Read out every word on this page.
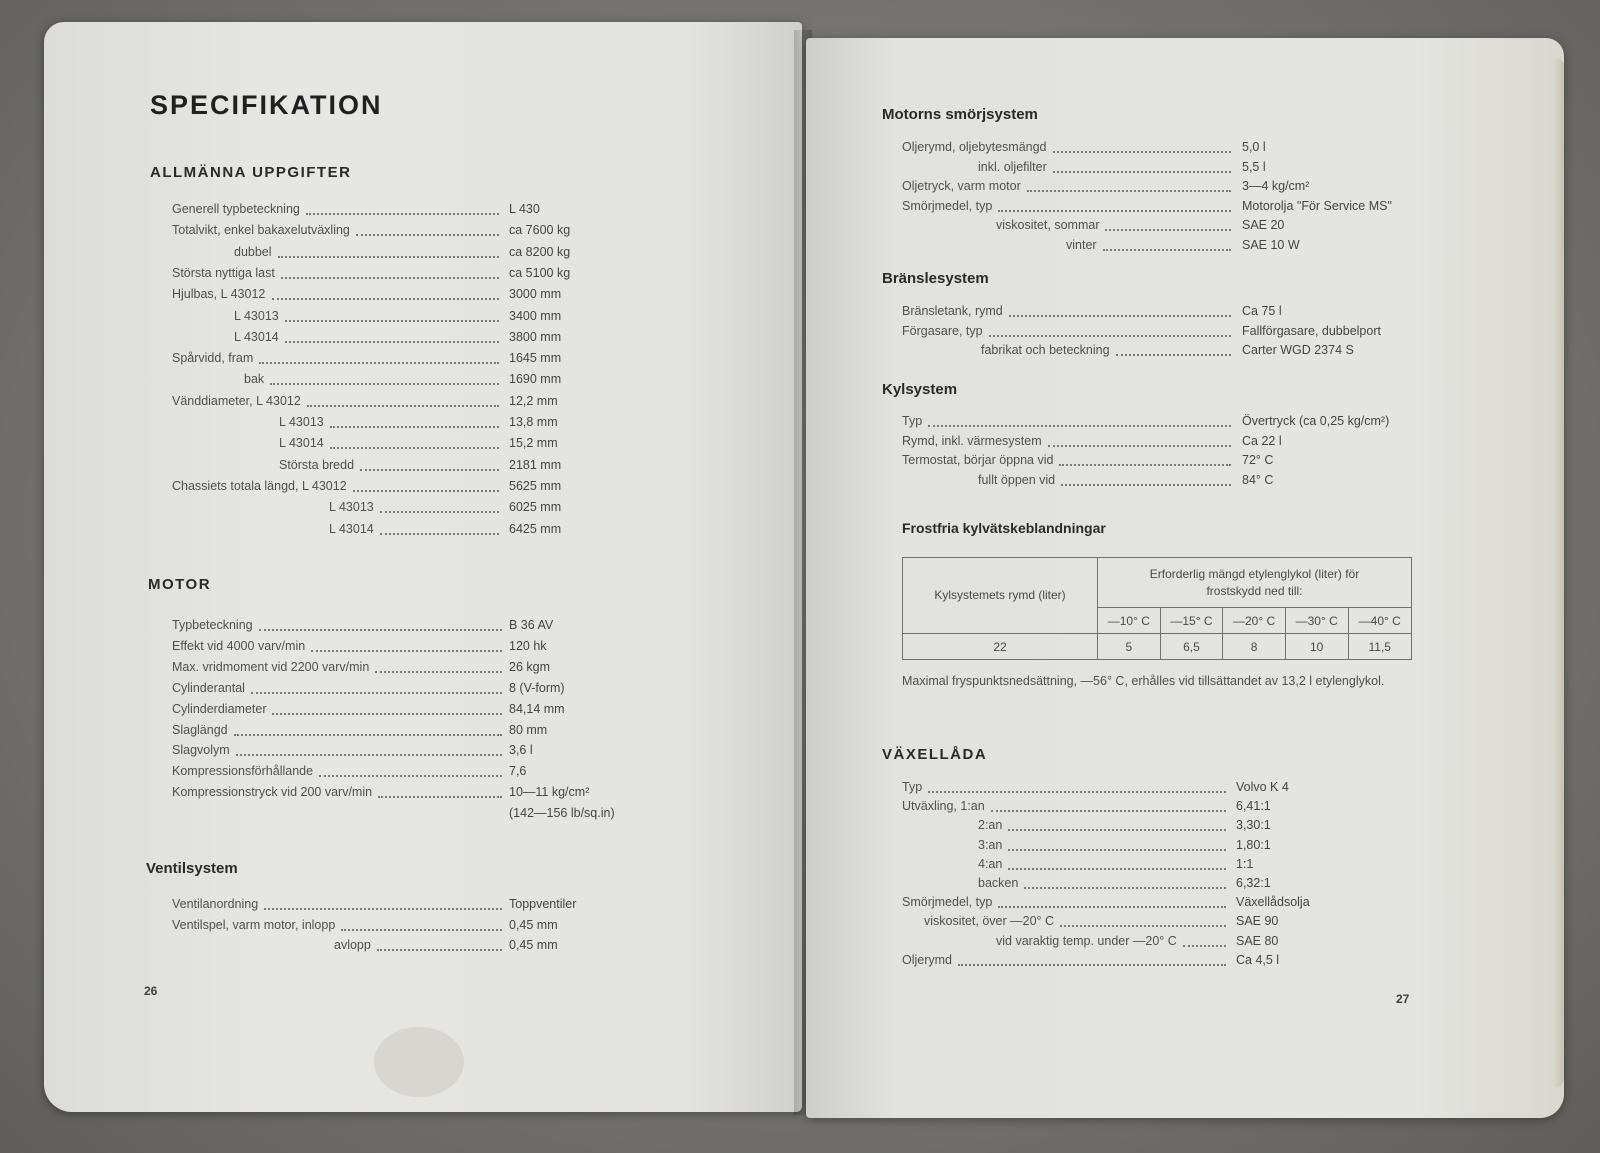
SPECIFIKATION
ALLMÄNNA UPPGIFTER
Generell typbeteckning	L 430
Totalvikt, enkel bakaxelutväxling	ca 7600 kg
dubbel	ca 8200 kg
Största nyttiga last	ca 5100 kg
Hjulbas, L 43012	3000 mm
L 43013	3400 mm
L 43014	3800 mm
Spårvidd, fram	1645 mm
bak	1690 mm
Vänddiameter, L 43012	12,2 mm
L 43013	13,8 mm
L 43014	15,2 mm
Största bredd	2181 mm
Chassiets totala längd, L 43012	5625 mm
L 43013	6025 mm
L 43014	6425 mm
MOTOR
Typbeteckning	B 36 AV
Effekt vid 4000 varv/min	120 hk
Max. vridmoment vid 2200 varv/min	26 kgm
Cylinderantal	8 (V-form)
Cylinderdiameter	84,14 mm
Slaglängd	80 mm
Slagvolym	3,6 l
Kompressionsförhållande	7,6
Kompressionstryck vid 200 varv/min	10—11 kg/cm²
(142—156 lb/sq.in)
Ventilsystem
Ventilanordning	Toppventiler
Ventilspel, varm motor, inlopp	0,45 mm
avlopp	0,45 mm
26
Motorns smörjsystem
Oljerymd, oljebytesmängd	5,0 l
inkl. oljefilter	5,5 l
Oljetryck, varm motor	3—4 kg/cm²
Smörjmedel, typ	Motorolja "För Service MS"
viskositet, sommar	SAE 20
vinter	SAE 10 W
Bränslesystem
Bränsletank, rymd	Ca 75 l
Förgasare, typ	Fallförgasare, dubbelport
fabrikat och beteckning	Carter WGD 2374 S
Kylsystem
Typ	Övertryck (ca 0,25 kg/cm²)
Rymd, inkl. värmesystem	Ca 22 l
Termostat, börjar öppna vid	72° C
fullt öppen vid	84° C
Frostfria kylvätskeblandningar
Kylsystemets rymd (liter)	Erforderlig mängd etylenglykol (liter) för frostskydd ned till:				
	—10° C	—15° C	—20° C	—30° C	—40° C
22	5	6,5	8	10	11,5
Maximal fryspunktsnedsättning, —56° C, erhålles vid tillsättandet av 13,2 l etylenglykol.
VÄXELLÅDA
Typ	Volvo K 4
Utväxling, 1:an	6,41:1
2:an	3,30:1
3:an	1,80:1
4:an	1:1
backen	6,32:1
Smörjmedel, typ	Växellådsolja
viskositet, över —20° C	SAE 90
vid varaktig temp. under —20° C	SAE 80
Oljerymd	Ca 4,5 l
27
